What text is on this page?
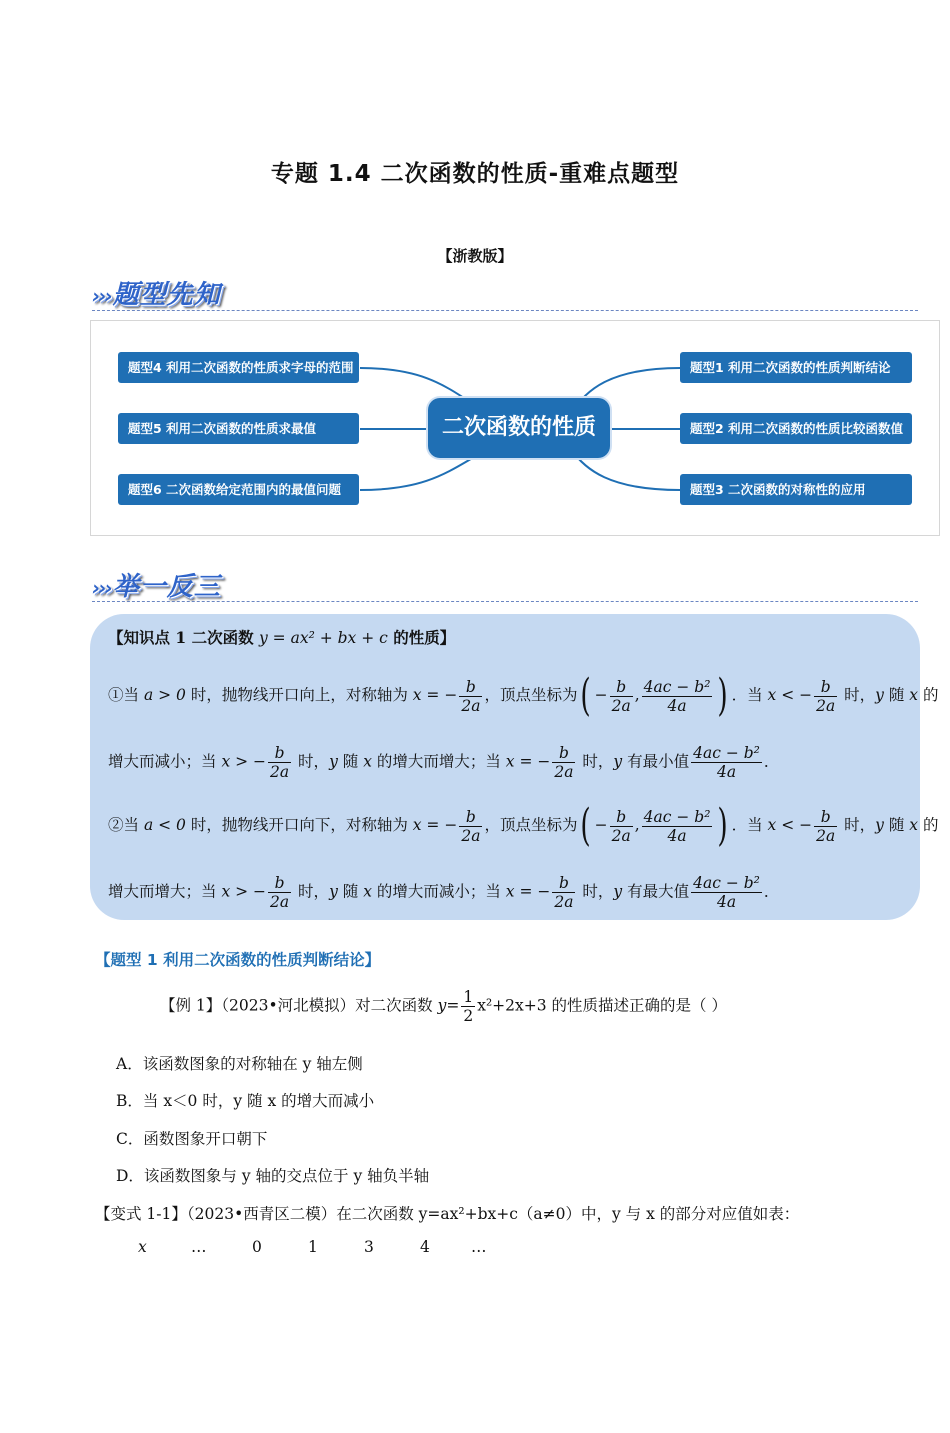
专题 1.4 二次函数的性质-重难点题型
【浙教版】
›››题型先知
二次函数的性质
题型4 利用二次函数的性质求字母的范围
题型5 利用二次函数的性质求最值
题型6 二次函数给定范围内的最值问题
题型1 利用二次函数的性质判断结论
题型2 利用二次函数的性质比较函数值
题型3 二次函数的对称性的应用
›››举一反三
【知识点 1 二次函数 y = ax² + bx + c 的性质】
①当 a > 0 时，抛物线开口向上，对称轴为 x = − $\frac{b}{2a}$ ，顶点坐标为( − $\frac{b}{2a}$ , $\frac{\text{4ac − b²}}{4a}$ ) ．当 x < − $\frac{b}{2a}$ 时，y 随 x 的
增大而减小；当 x > − $\frac{b}{2a}$ 时，y 随 x 的增大而增大；当 x = − $\frac{b}{2a}$ 时，y 有最小值 $\frac{\text{4ac − b²}}{4a}$ ．
②当 a < 0 时，抛物线开口向下，对称轴为 x = − $\frac{b}{2a}$ ，顶点坐标为( − $\frac{b}{2a}$ , $\frac{\text{4ac − b²}}{4a}$ ) ．当 x < − $\frac{b}{2a}$ 时，y 随 x 的
增大而增大；当 x > − $\frac{b}{2a}$ 时，y 随 x 的增大而减小；当 x = − $\frac{b}{2a}$ 时，y 有最大值 $\frac{\text{4ac − b²}}{4a}$ ．
【题型 1 利用二次函数的性质判断结论】
【例 1】（2023•河北模拟）对二次函数 $y= \frac{1}{2} x^2+2x+3$ 的性质描述正确的是（ ）
A．该函数图象的对称轴在 y 轴左侧
B．当 x＜0 时，y 随 x 的增大而减小
C．函数图象开口朝下
D．该函数图象与 y 轴的交点位于 y 轴负半轴
【变式 1-1】（2023•西青区二模）在二次函数 y=ax²+bx+c（a≠0）中，y 与 x 的部分对应值如表：
x	…	0	1	3	4	…
